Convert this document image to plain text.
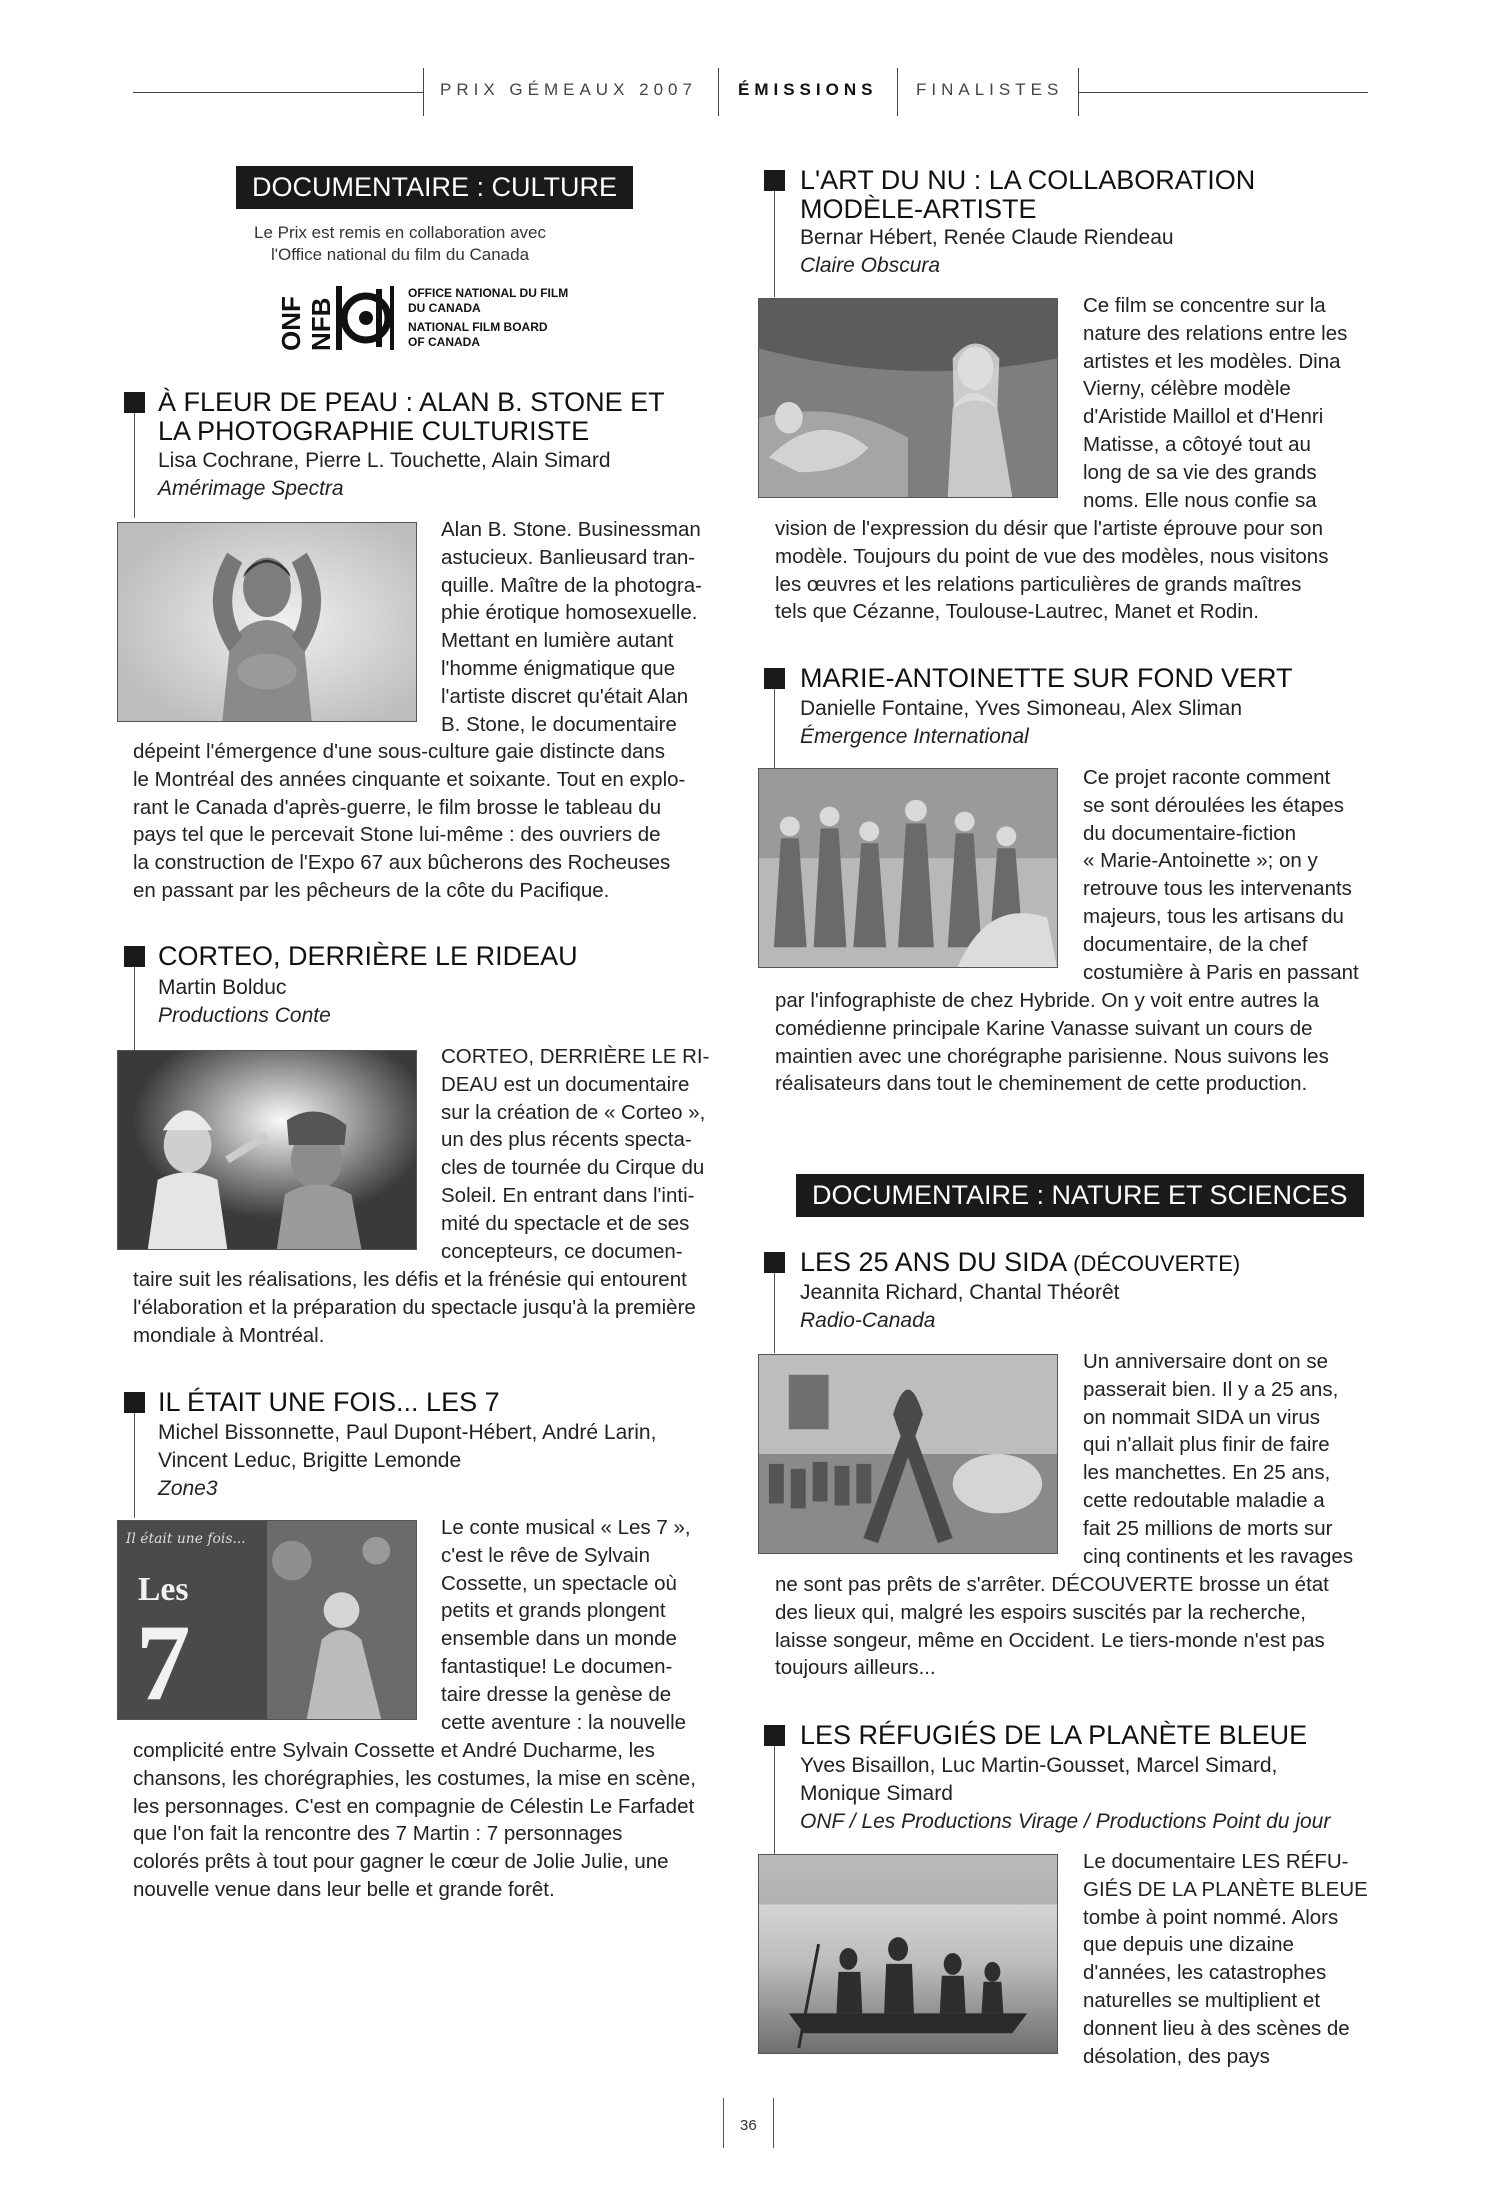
PRIX GÉMEAUX 2007 ÉMISSIONS FINALISTES
DOCUMENTAIRE : CULTURE
Le Prix est remis en collaboration avec
l'Office national du film du Canada
ONF NFB
OFFICE NATIONAL DU FILM
DU CANADA
NATIONAL FILM BOARD
OF CANADA
À FLEUR DE PEAU : ALAN B. STONE ET LA PHOTOGRAPHIE CULTURISTE
Lisa Cochrane, Pierre L. Touchette, Alain Simard
Amérimage Spectra
Alan B. Stone. Businessman
astucieux. Banlieusard tran-
quille. Maître de la photogra-
phie érotique homosexuelle.
Mettant en lumière autant
l'homme énigmatique que
l'artiste discret qu'était Alan
B. Stone, le documentaire
dépeint l'émergence d'une sous-culture gaie distincte dans
le Montréal des années cinquante et soixante. Tout en explo-
rant le Canada d'après-guerre, le film brosse le tableau du
pays tel que le percevait Stone lui-même : des ouvriers de
la construction de l'Expo 67 aux bûcherons des Rocheuses
en passant par les pêcheurs de la côte du Pacifique.
CORTEO, DERRIÈRE LE RIDEAU
Martin Bolduc
Productions Conte
CORTEO, DERRIÈRE LE RI-
DEAU est un documentaire
sur la création de « Corteo »,
un des plus récents specta-
cles de tournée du Cirque du
Soleil. En entrant dans l'inti-
mité du spectacle et de ses
concepteurs, ce documen-
taire suit les réalisations, les défis et la frénésie qui entourent
l'élaboration et la préparation du spectacle jusqu'à la première
mondiale à Montréal.
IL ÉTAIT UNE FOIS... LES 7
Michel Bissonnette, Paul Dupont-Hébert, André Larin,
Vincent Leduc, Brigitte Lemonde
Zone3
Il était une fois...
Les
7
Le conte musical « Les 7 »,
c'est le rêve de Sylvain
Cossette, un spectacle où
petits et grands plongent
ensemble dans un monde
fantastique! Le documen-
taire dresse la genèse de
cette aventure : la nouvelle
complicité entre Sylvain Cossette et André Ducharme, les
chansons, les chorégraphies, les costumes, la mise en scène,
les personnages. C'est en compagnie de Célestin Le Farfadet
que l'on fait la rencontre des 7 Martin : 7 personnages
colorés prêts à tout pour gagner le cœur de Jolie Julie, une
nouvelle venue dans leur belle et grande forêt.
L'ART DU NU : LA COLLABORATION MODÈLE-ARTISTE
Bernar Hébert, Renée Claude Riendeau
Claire Obscura
Ce film se concentre sur la
nature des relations entre les
artistes et les modèles. Dina
Vierny, célèbre modèle
d'Aristide Maillol et d'Henri
Matisse, a côtoyé tout au
long de sa vie des grands
noms. Elle nous confie sa
vision de l'expression du désir que l'artiste éprouve pour son
modèle. Toujours du point de vue des modèles, nous visitons
les œuvres et les relations particulières de grands maîtres
tels que Cézanne, Toulouse-Lautrec, Manet et Rodin.
MARIE-ANTOINETTE SUR FOND VERT
Danielle Fontaine, Yves Simoneau, Alex Sliman
Émergence International
Ce projet raconte comment
se sont déroulées les étapes
du documentaire-fiction
« Marie-Antoinette »; on y
retrouve tous les intervenants
majeurs, tous les artisans du
documentaire, de la chef
costumière à Paris en passant
par l'infographiste de chez Hybride. On y voit entre autres la
comédienne principale Karine Vanasse suivant un cours de
maintien avec une chorégraphe parisienne. Nous suivons les
réalisateurs dans tout le cheminement de cette production.
DOCUMENTAIRE : NATURE ET SCIENCES
LES 25 ANS DU SIDA (DÉCOUVERTE)
Jeannita Richard, Chantal Théorêt
Radio-Canada
Un anniversaire dont on se
passerait bien. Il y a 25 ans,
on nommait SIDA un virus
qui n'allait plus finir de faire
les manchettes. En 25 ans,
cette redoutable maladie a
fait 25 millions de morts sur
cinq continents et les ravages
ne sont pas prêts de s'arrêter. DÉCOUVERTE brosse un état
des lieux qui, malgré les espoirs suscités par la recherche,
laisse songeur, même en Occident. Le tiers-monde n'est pas
toujours ailleurs...
LES RÉFUGIÉS DE LA PLANÈTE BLEUE
Yves Bisaillon, Luc Martin-Gousset, Marcel Simard,
Monique Simard
ONF / Les Productions Virage / Productions Point du jour
Le documentaire LES RÉFU-
GIÉS DE LA PLANÈTE BLEUE
tombe à point nommé. Alors
que depuis une dizaine
d'années, les catastrophes
naturelles se multiplient et
donnent lieu à des scènes de
désolation, des pays
36
